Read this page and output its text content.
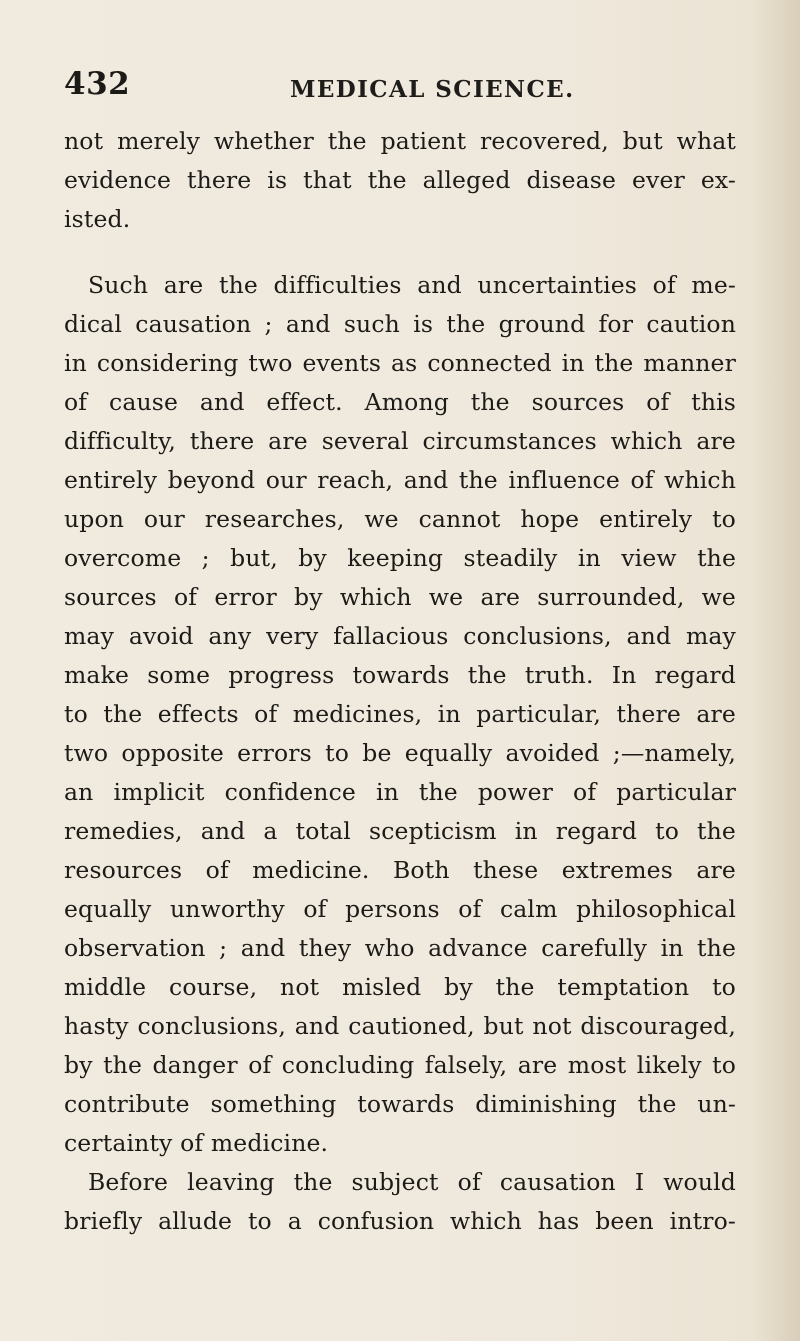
432	MEDICAL SCIENCE.

not merely whether the patient recovered, but what
evidence there is that the alleged disease ever ex-
isted.

Such are the difficulties and uncertainties of me-
dical causation ; and such is the ground for caution
in considering two events as connected in the manner
of cause and effect. Among the sources of this
difficulty, there are several circumstances which are
entirely beyond our reach, and the influence of which
upon our researches, we cannot hope entirely to
overcome ; but, by keeping steadily in view the
sources of error by which we are surrounded, we
may avoid any very fallacious conclusions, and may
make some progress towards the truth. In regard
to the effects of medicines, in particular, there are
two opposite errors to be equally avoided ;—namely,
an implicit confidence in the power of particular
remedies, and a total scepticism in regard to the
resources of medicine. Both these extremes are
equally unworthy of persons of calm philosophical
observation ; and they who advance carefully in the
middle course, not misled by the temptation to
hasty conclusions, and cautioned, but not discouraged,
by the danger of concluding falsely, are most likely to
contribute something towards diminishing the un-
certainty of medicine.

Before leaving the subject of causation I would
briefly allude to a confusion which has been intro-
